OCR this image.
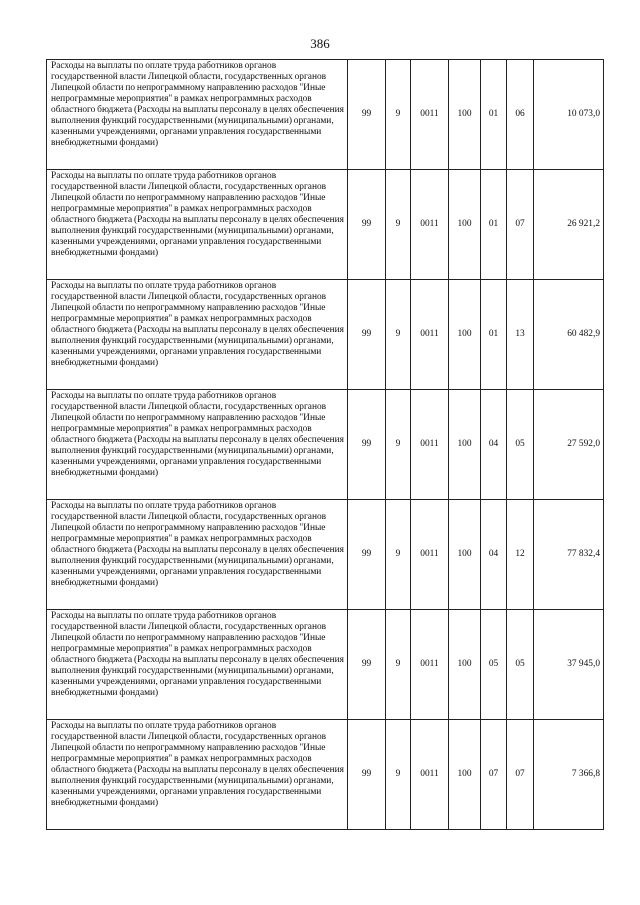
386
Расходы на выплаты по оплате труда работников органов государственной власти Липецкой области, государственных органов Липецкой области по непрограммному направлению расходов "Иные непрограммные мероприятия" в рамках непрограммных расходов областного бюджета (Расходы на выплаты персоналу в целях обеспечения выполнения функций государственными (муниципальными) органами, казенными учреждениями, органами управления государственными внебюджетными фондами)	99	9	0011	100	01	06	10 073,0
Расходы на выплаты по оплате труда работников органов государственной власти Липецкой области, государственных органов Липецкой области по непрограммному направлению расходов "Иные непрограммные мероприятия" в рамках непрограммных расходов областного бюджета (Расходы на выплаты персоналу в целях обеспечения выполнения функций государственными (муниципальными) органами, казенными учреждениями, органами управления государственными внебюджетными фондами)	99	9	0011	100	01	07	26 921,2
Расходы на выплаты по оплате труда работников органов государственной власти Липецкой области, государственных органов Липецкой области по непрограммному направлению расходов "Иные непрограммные мероприятия" в рамках непрограммных расходов областного бюджета (Расходы на выплаты персоналу в целях обеспечения выполнения функций государственными (муниципальными) органами, казенными учреждениями, органами управления государственными внебюджетными фондами)	99	9	0011	100	01	13	60 482,9
Расходы на выплаты по оплате труда работников органов государственной власти Липецкой области, государственных органов Липецкой области по непрограммному направлению расходов "Иные непрограммные мероприятия" в рамках непрограммных расходов областного бюджета (Расходы на выплаты персоналу в целях обеспечения выполнения функций государственными (муниципальными) органами, казенными учреждениями, органами управления государственными внебюджетными фондами)	99	9	0011	100	04	05	27 592,0
Расходы на выплаты по оплате труда работников органов государственной власти Липецкой области, государственных органов Липецкой области по непрограммному направлению расходов "Иные непрограммные мероприятия" в рамках непрограммных расходов областного бюджета (Расходы на выплаты персоналу в целях обеспечения выполнения функций государственными (муниципальными) органами, казенными учреждениями, органами управления государственными внебюджетными фондами)	99	9	0011	100	04	12	77 832,4
Расходы на выплаты по оплате труда работников органов государственной власти Липецкой области, государственных органов Липецкой области по непрограммному направлению расходов "Иные непрограммные мероприятия" в рамках непрограммных расходов областного бюджета (Расходы на выплаты персоналу в целях обеспечения выполнения функций государственными (муниципальными) органами, казенными учреждениями, органами управления государственными внебюджетными фондами)	99	9	0011	100	05	05	37 945,0
Расходы на выплаты по оплате труда работников органов государственной власти Липецкой области, государственных органов Липецкой области по непрограммному направлению расходов "Иные непрограммные мероприятия" в рамках непрограммных расходов областного бюджета (Расходы на выплаты персоналу в целях обеспечения выполнения функций государственными (муниципальными) органами, казенными учреждениями, органами управления государственными внебюджетными фондами)	99	9	0011	100	07	07	7 366,8
